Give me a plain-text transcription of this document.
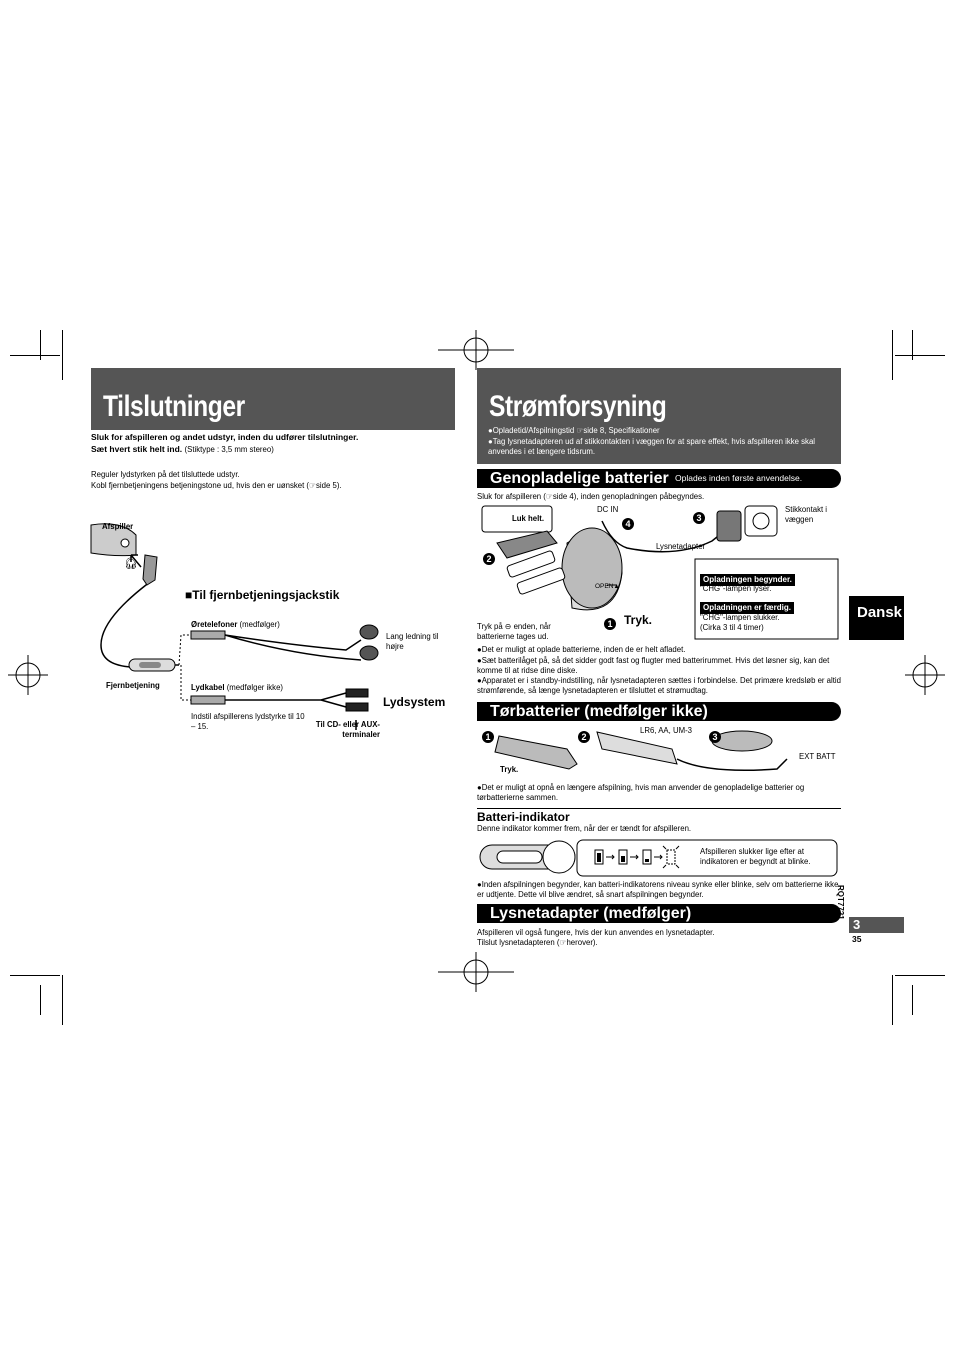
Tilslutninger
Sluk for afspilleren og andet udstyr, inden du udfører tilslutninger.
Sæt hvert stik helt ind. (Stiktype : 3,5 mm stereo)
Reguler lydstyrken på det tilsluttede udstyr.
Kobl fjernbetjeningens betjeningstone ud, hvis den er uønsket (☞side 5).
Afspiller
🎧︎
■Til fjernbetjeningsjackstik
Øretelefoner (medfølger)
Lang ledning til højre
Fjernbetjening	Lydkabel (medfølger ikke)
Lydsystem
Indstil afspillerens lydstyrke til 10 – 15.	Til CD- eller AUX-terminaler
Strømforsyning
●Opladetid/Afspilningstid ☞side 8, Specifikationer
●Tag lysnetadapteren ud af stikkontakten i væggen for at spare effekt, hvis afspilleren ikke skal anvendes i et længere tidsrum.
Genopladelige batterier Oplades inden første anvendelse.
Sluk for afspilleren (☞side 4), inden genopladningen påbegyndes.
Luk helt.
DC IN
4
3
Stikkontakt i væggen
Lysnetadapter
2
OPEN▲
1 Tryk.
Tryk på ⊖ enden, når batterierne tages ud.
Opladningen begynder.
"CHG"-lampen lyser.
Opladningen er færdig.
"CHG"-lampen slukker.
(Cirka 3 til 4 timer)
●Det er muligt at oplade batterierne, inden de er helt afladet.
●Sæt batterilåget på, så det sidder godt fast og flugter med batterirummet. Hvis det løsner sig, kan det komme til at ridse dine diske.
●Apparatet er i standby-indstilling, når lysnetadapteren sættes i forbindelse. Det primære kredsløb er altid strømførende, så længe lysnetadapteren er tilsluttet et strømudtag.
Tørbatterier (medfølger ikke)
1	2	3
LR6, AA, UM-3
EXT BATT
Tryk.
●Det er muligt at opnå en længere afspilning, hvis man anvender de genopladelige batterier og tørbatterierne sammen.
Batteri-indikator
Denne indikator kommer frem, når der er tændt for afspilleren.
Afspilleren slukker lige efter at indikatoren er begyndt at blinke.
●Inden afspilningen begynder, kan batteri-indikatorens niveau synke eller blinke, selv om batterierne ikke er udtjente. Dette vil blive ændret, så snart afspilningen begynder.
Lysnetadapter (medfølger)
Afspilleren vil også fungere, hvis der kun anvendes en lysnetadapter.
Tilslut lysnetadapteren (☞herover).
Dansk
RQT7721
3
35
